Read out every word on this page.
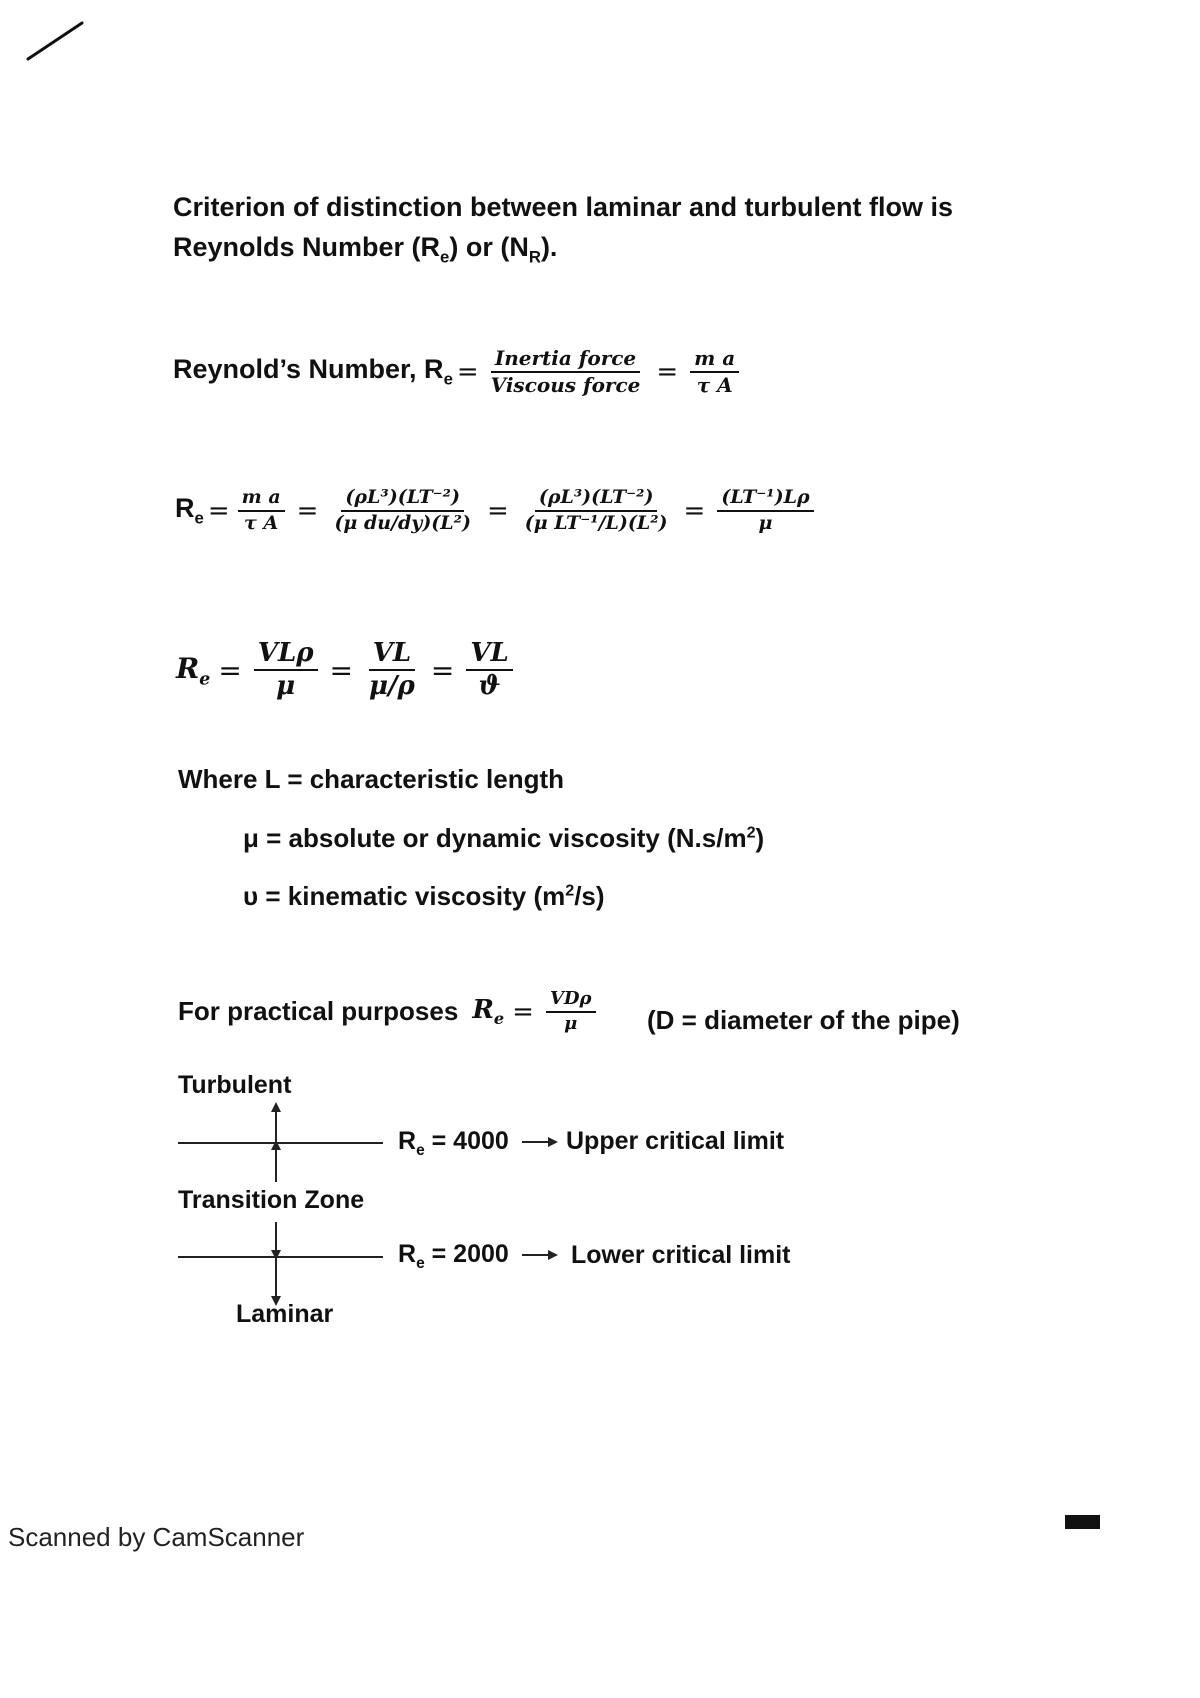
Criterion of distinction between laminar and turbulent flow is
Reynolds Number $(R_e)$ or $(N_R)$.
Reynold’s Number, $R_e = \frac{\text{Inertia force}}{\text{Viscous force}} = \frac{\text{m a}}{\text{τ A}}$
$R_e = \frac{\text{m a}}{\text{τ A}} = \frac{\text{(ρL³)(LT⁻²)}}{\text{(μ du/dy)(L²)}} = \frac{\text{(ρL³)(LT⁻²)}}{\text{(μ LT⁻¹/L)(L²)}} = \frac{\text{(LT⁻¹)Lρ}}{\mu}$
$R_e = \frac{\text{VLρ}}{\mu} = \frac{VL}{\mu/\rho} = \frac{VL}{ϑ}$
Where L = characteristic length
μ = absolute or dynamic viscosity $(N.s/m^2)$
υ = kinematic viscosity $(m^2/s)$
For practical purposes $R_e = \frac{\text{VDρ}}{\mu} (D$ = diameter of the pipe)
Turbulent
$R_e = 4000$ Upper critical limit
Transition Zone
$R_e = 2000$ Lower critical limit
Laminar
Scanned by CamScanner
